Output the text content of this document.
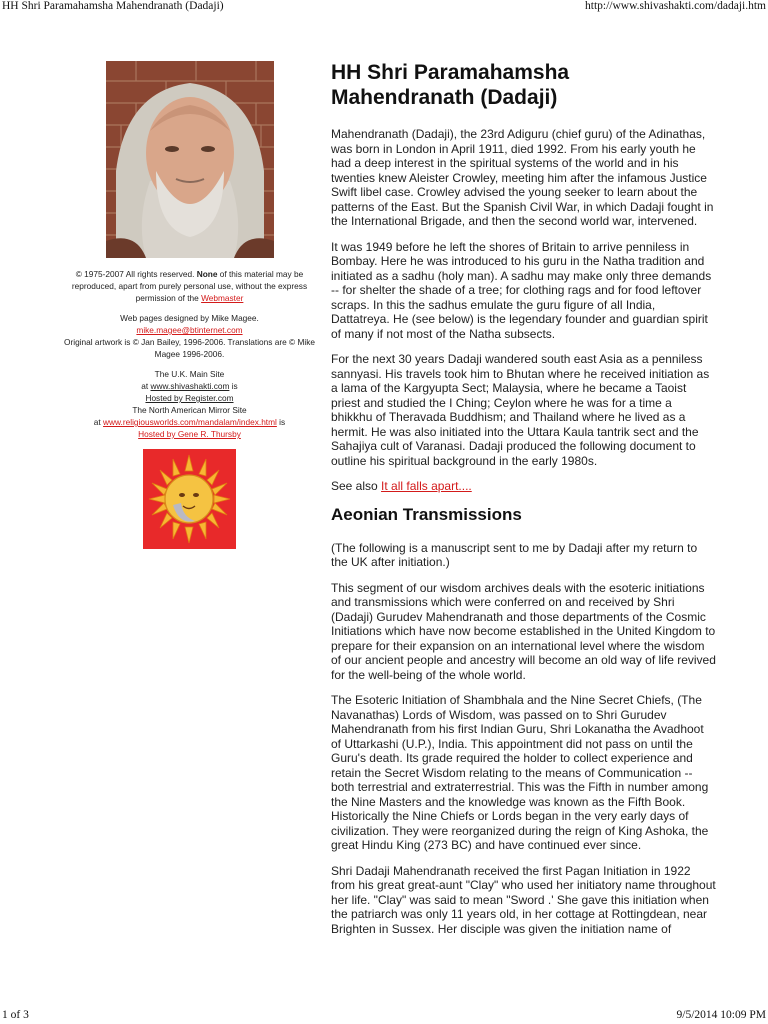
HH Shri Paramahamsha Mahendranath (Dadaji)	http://www.shivashakti.com/dadaji.htm

© 1975-2007 All rights reserved. None of this material may be reproduced, apart from purely personal use, without the express permission of the Webmaster

Web pages designed by Mike Magee.
mike.magee@btinternet.com
Original artwork is © Jan Bailey, 1996-2006. Translations are © Mike Magee 1996-2006.

The U.K. Main Site
at www.shivashakti.com is
Hosted by Register.com
The North American Mirror Site
at www.religiousworlds.com/mandalam/index.html is
Hosted by Gene R. Thursby

HH Shri Paramahamsha Mahendranath (Dadaji)

Mahendranath (Dadaji), the 23rd Adiguru (chief guru) of the Adinathas, was born in London in April 1911, died 1992. From his early youth he had a deep interest in the spiritual systems of the world and in his twenties knew Aleister Crowley, meeting him after the infamous Justice Swift libel case. Crowley advised the young seeker to learn about the patterns of the East. But the Spanish Civil War, in which Dadaji fought in the International Brigade, and then the second world war, intervened.

It was 1949 before he left the shores of Britain to arrive penniless in Bombay. Here he was introduced to his guru in the Natha tradition and initiated as a sadhu (holy man). A sadhu may make only three demands -- for shelter the shade of a tree; for clothing rags and for food leftover scraps. In this the sadhus emulate the guru figure of all India, Dattatreya. He (see below) is the legendary founder and guardian spirit of many if not most of the Natha subsects.

For the next 30 years Dadaji wandered south east Asia as a penniless sannyasi. His travels took him to Bhutan where he received initiation as a lama of the Kargyupta Sect; Malaysia, where he became a Taoist priest and studied the I Ching; Ceylon where he was for a time a bhikkhu of Theravada Buddhism; and Thailand where he lived as a hermit. He was also initiated into the Uttara Kaula tantrik sect and the Sahajiya cult of Varanasi. Dadaji produced the following document to outline his spiritual background in the early 1980s.

See also It all falls apart....

Aeonian Transmissions

(The following is a manuscript sent to me by Dadaji after my return to the UK after initiation.)

This segment of our wisdom archives deals with the esoteric initiations and transmissions which were conferred on and received by Shri (Dadaji) Gurudev Mahendranath and those departments of the Cosmic Initiations which have now become established in the United Kingdom to prepare for their expansion on an international level where the wisdom of our ancient people and ancestry will become an old way of life revived for the well-being of the whole world.

The Esoteric Initiation of Shambhala and the Nine Secret Chiefs, (The Navanathas) Lords of Wisdom, was passed on to Shri Gurudev Mahendranath from his first Indian Guru, Shri Lokanatha the Avadhoot of Uttarkashi (U.P.), India. This appointment did not pass on until the Guru's death. Its grade required the holder to collect experience and retain the Secret Wisdom relating to the means of Communication -- both terrestrial and extraterrestrial. This was the Fifth in number among the Nine Masters and the knowledge was known as the Fifth Book. Historically the Nine Chiefs or Lords began in the very early days of civilization. They were reorganized during the reign of King Ashoka, the great Hindu King (273 BC) and have continued ever since.

Shri Dadaji Mahendranath received the first Pagan Initiation in 1922 from his great great-aunt "Clay" who used her initiatory name throughout her life. "Clay" was said to mean "Sword .' She gave this initiation when the patriarch was only 11 years old, in her cottage at Rottingdean, near Brighten in Sussex. Her disciple was given the initiation name of

1 of 3	9/5/2014 10:09 PM
